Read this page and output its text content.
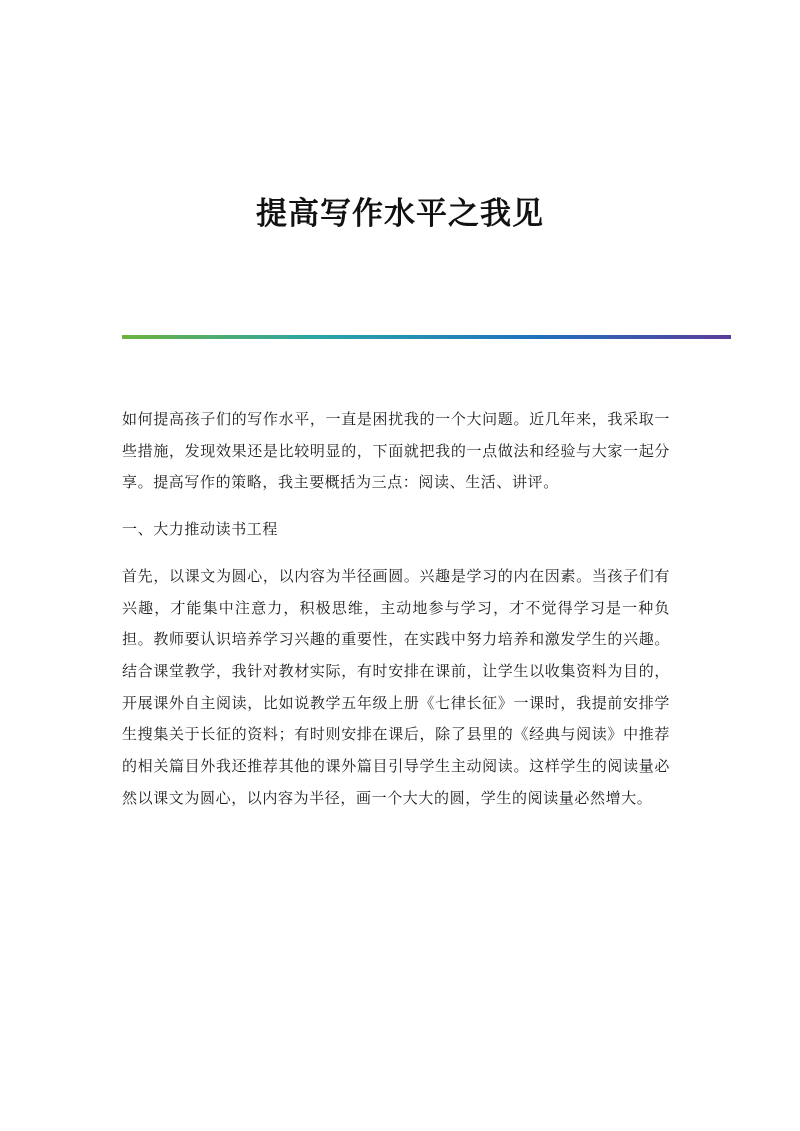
提高写作水平之我见

如何提高孩子们的写作水平，一直是困扰我的一个大问题。近几年来，我采取一些措施，发现效果还是比较明显的，下面就把我的一点做法和经验与大家一起分享。提高写作的策略，我主要概括为三点：阅读、生活、讲评。

一、大力推动读书工程

首先，以课文为圆心，以内容为半径画圆。兴趣是学习的内在因素。当孩子们有兴趣，才能集中注意力，积极思维，主动地参与学习，才不觉得学习是一种负担。教师要认识培养学习兴趣的重要性，在实践中努力培养和激发学生的兴趣。结合课堂教学，我针对教材实际，有时安排在课前，让学生以收集资料为目的，开展课外自主阅读，比如说教学五年级上册《七律长征》一课时，我提前安排学生搜集关于长征的资料；有时则安排在课后，除了县里的《经典与阅读》中推荐的相关篇目外我还推荐其他的课外篇目引导学生主动阅读。这样学生的阅读量必然以课文为圆心，以内容为半径，画一个大大的圆，学生的阅读量必然增大。
